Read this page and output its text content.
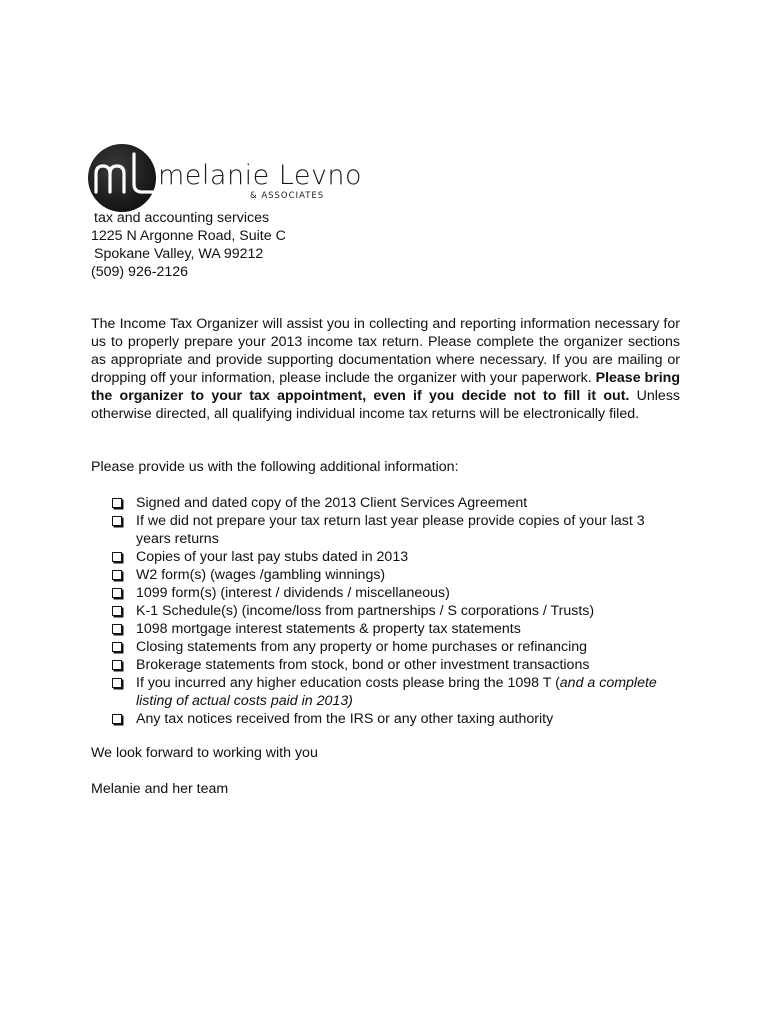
melanie Levno
& ASSOCIATES
tax and accounting services
1225 N Argonne Road, Suite C
Spokane Valley, WA 99212
(509) 926-2126
The Income Tax Organizer will assist you in collecting and reporting information necessary for us to properly prepare your 2013 income tax return. Please complete the organizer sections as appropriate and provide supporting documentation where necessary. If you are mailing or dropping off your information, please include the organizer with your paperwork. Please bring the organizer to your tax appointment, even if you decide not to fill it out. Unless otherwise directed, all qualifying individual income tax returns will be electronically filed.
Please provide us with the following additional information:
Signed and dated copy of the 2013 Client Services Agreement
If we did not prepare your tax return last year please provide copies of your last 3 years returns
Copies of your last pay stubs dated in 2013
W2 form(s) (wages /gambling winnings)
1099 form(s) (interest / dividends / miscellaneous)
K-1 Schedule(s) (income/loss from partnerships / S corporations / Trusts)
1098 mortgage interest statements & property tax statements
Closing statements from any property or home purchases or refinancing
Brokerage statements from stock, bond or other investment transactions
If you incurred any higher education costs please bring the 1098 T (and a complete listing of actual costs paid in 2013)
Any tax notices received from the IRS or any other taxing authority
We look forward to working with you
Melanie and her team
